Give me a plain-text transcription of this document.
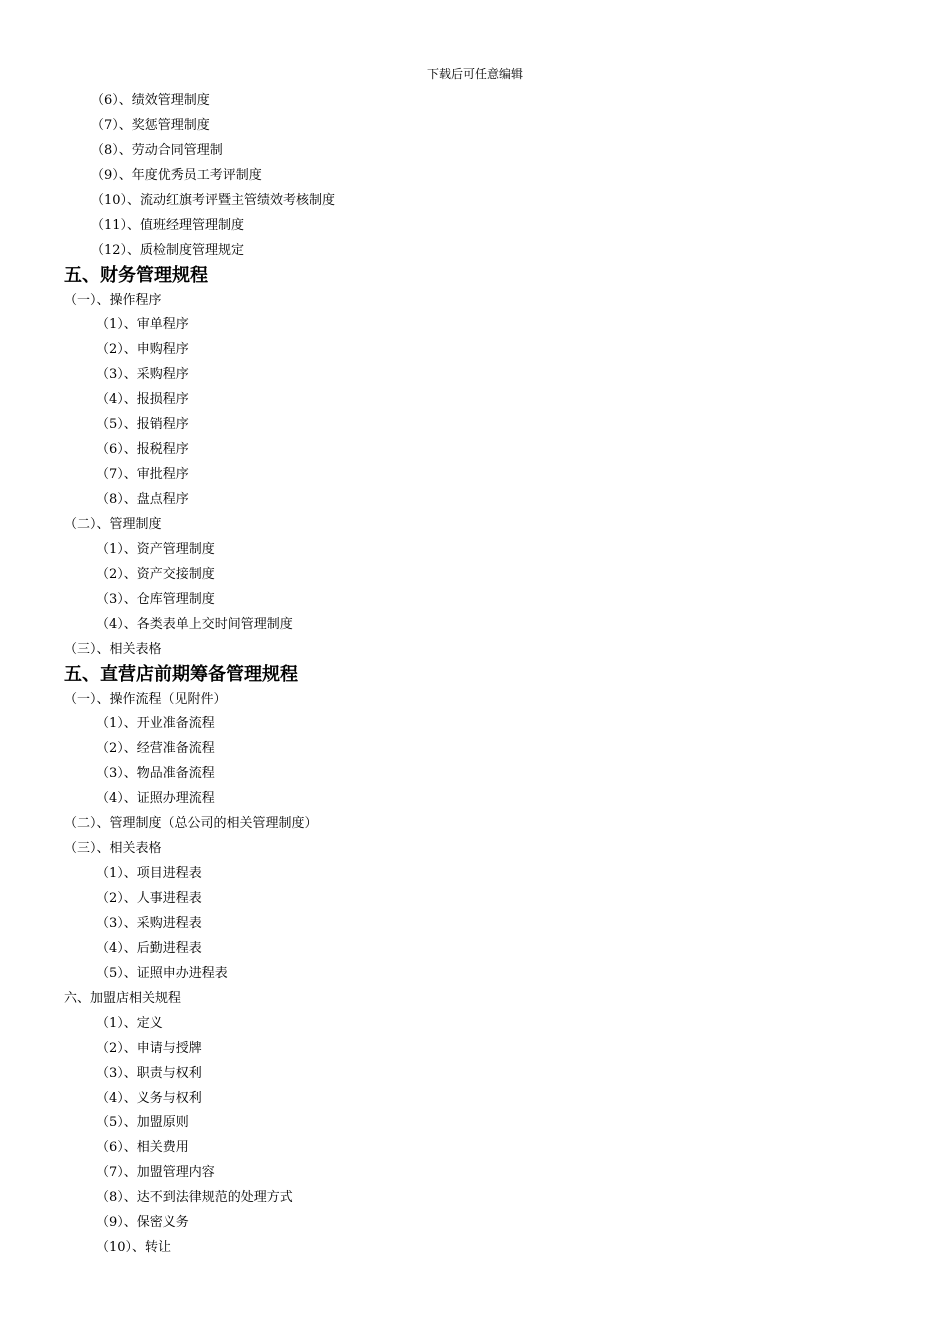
下载后可任意编辑
（6）、绩效管理制度
（7）、奖惩管理制度
（8）、劳动合同管理制
（9）、年度优秀员工考评制度
（10）、流动红旗考评暨主管绩效考核制度
（11）、值班经理管理制度
（12）、质检制度管理规定
五、财务管理规程
（一）、操作程序
（1）、审单程序
（2）、申购程序
（3）、采购程序
（4）、报损程序
（5）、报销程序
（6）、报税程序
（7）、审批程序
（8）、盘点程序
（二）、管理制度
（1）、资产管理制度
（2）、资产交接制度
（3）、仓库管理制度
（4）、各类表单上交时间管理制度
（三）、相关表格
五、直营店前期筹备管理规程
（一）、操作流程（见附件）
（1）、开业准备流程
（2）、经营准备流程
（3）、物品准备流程
（4）、证照办理流程
（二）、管理制度（总公司的相关管理制度）
（三）、相关表格
（1）、项目进程表
（2）、人事进程表
（3）、采购进程表
（4）、后勤进程表
（5）、证照申办进程表
六、加盟店相关规程
（1）、定义
（2）、申请与授牌
（3）、职责与权利
（4）、义务与权利
（5）、加盟原则
（6）、相关费用
（7）、加盟管理内容
（8）、达不到法律规范的处理方式
（9）、保密义务
（10）、转让
